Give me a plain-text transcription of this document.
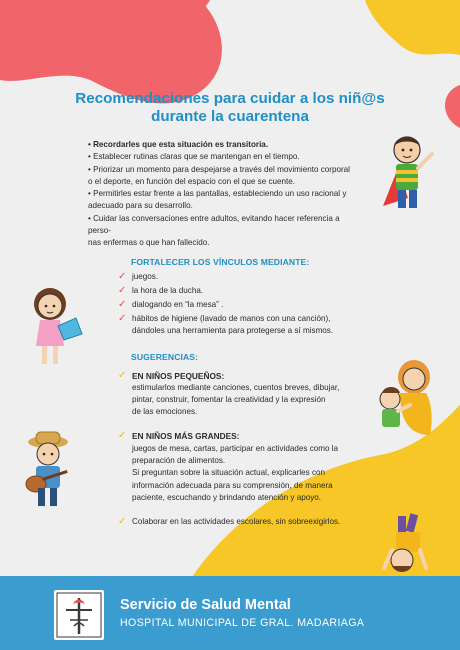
Recomendaciones para cuidar a los niñ@s
durante la cuarentena

• Recordarles que esta situación es transitoria.

• Establecer rutinas claras que se mantengan en el tiempo.

• Priorizar un momento para despejarse a través del movimiento corporal

o el deporte, en función del espacio con el que se cuente.

• Permitirles estar frente a las pantallas, estableciendo un uso racional y

adecuado para su desarrollo.

• Cuidar las conversaciones entre adultos, evitando hacer referencia a perso-

nas enfermas o que han fallecido.

FORTALECER LOS VÍNCULOS MEDIANTE:
✓ juegos.
✓ la hora de la ducha.
✓ dialogando en “la mesa” .
✓ hábitos de higiene (lavado de manos con una canción),
dándoles una herramienta para protegerse a sí mismos.
SUGERENCIAS:
✓ EN NIÑOS PEQUEÑOS:
estimularlos mediante canciones, cuentos breves, dibujar,
pintar, construir, fomentar la creatividad y la expresión
de las emociones.
✓ EN NIÑOS MÁS GRANDES:
juegos de mesa, cartas, participar en actividades como la
preparación de alimentos.
Si preguntan sobre la situación actual, explicarles con
información adecuada para su comprensión, de manera
paciente, escuchando y brindando atención y apoyo.
✓ Colaborar en las actividades escolares, sin sobreexigirlos.
Servicio de Salud Mental
HOSPITAL MUNICIPAL DE GRAL. MADARIAGA
